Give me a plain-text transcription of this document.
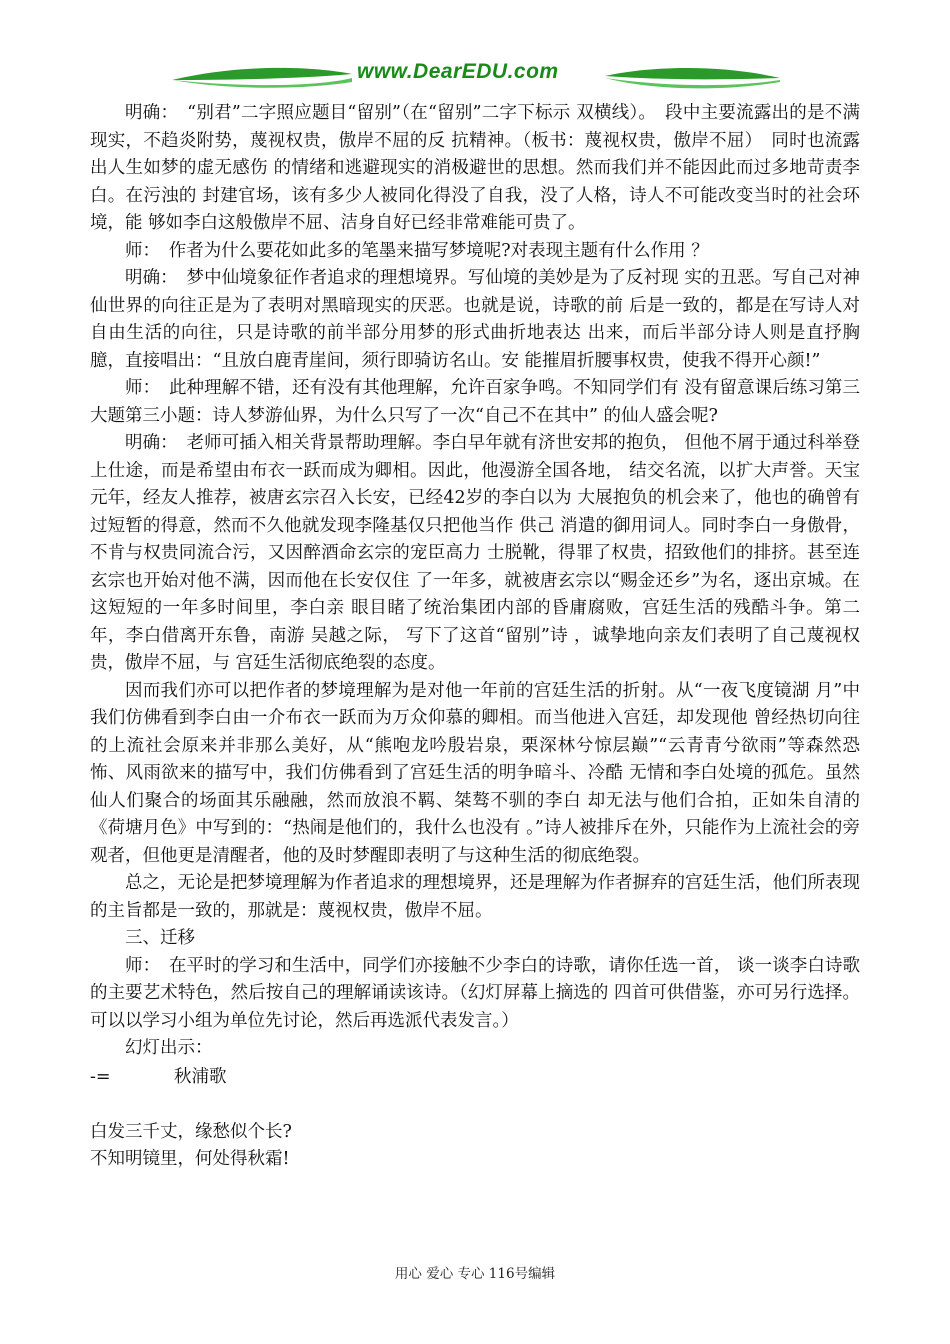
www.DearEDU.com

明确：　“别君”二字照应题目“留别”（在“留别”二字下标示 双横线）。　段中主要流露出的是不满现实，不趋炎附势，蔑视权贵，傲岸不屈的反 抗精神。（板书：蔑视权贵，傲岸不屈）　同时也流露出人生如梦的虚无感伤 的情绪和逃避现实的消极避世的思想。然而我们并不能因此而过多地苛责李白。在污浊的 封建官场，该有多少人被同化得没了自我，没了人格，诗人不可能改变当时的社会环境，能 够如李白这般傲岸不屈、洁身自好已经非常难能可贵了。

师：　作者为什么要花如此多的笔墨来描写梦境呢?对表现主题有什么作用 ？

明确：　梦中仙境象征作者追求的理想境界。写仙境的美妙是为了反衬现 实的丑恶。写自己对神仙世界的向往正是为了表明对黑暗现实的厌恶。也就是说，诗歌的前 后是一致的，都是在写诗人对自由生活的向往，只是诗歌的前半部分用梦的形式曲折地表达 出来，而后半部分诗人则是直抒胸臆，直接唱出：“且放白鹿青崖间，须行即骑访名山。安 能摧眉折腰事权贵，使我不得开心颜!”

师：　此种理解不错，还有没有其他理解，允许百家争鸣。不知同学们有 没有留意课后练习第三大题第三小题：诗人梦游仙界，为什么只写了一次“自己不在其中” 的仙人盛会呢?

明确：　老师可插入相关背景帮助理解。李白早年就有济世安邦的抱负， 但他不屑于通过科举登上仕途，而是希望由布衣一跃而成为卿相。因此，他漫游全国各地， 结交名流，以扩大声誉。天宝元年，经友人推荐，被唐玄宗召入长安，已经42岁的李白以为 大展抱负的机会来了，他也的确曾有过短暂的得意，然而不久他就发现李隆基仅只把他当作 供己 消遣的御用词人。同时李白一身傲骨，不肯与权贵同流合污，又因醉酒命玄宗的宠臣高力 士脱靴，得罪了权贵，招致他们的排挤。甚至连玄宗也开始对他不满，因而他在长安仅住 了一年多，就被唐玄宗以“赐金还乡”为名，逐出京城。在这短短的一年多时间里，李白亲 眼目睹了统治集团内部的昏庸腐败，宫廷生活的残酷斗争。第二年，李白借离开东鲁，南游 吴越之际， 写下了这首“留别”诗 ，诚挚地向亲友们表明了自己蔑视权贵，傲岸不屈，与 宫廷生活彻底绝裂的态度。

因而我们亦可以把作者的梦境理解为是对他一年前的宫廷生活的折射。从“一夜飞度镜湖 月”中我们仿佛看到李白由一介布衣一跃而为万众仰慕的卿相。而当他进入宫廷，却发现他 曾经热切向往的上流社会原来并非那么美好，从“熊咆龙吟殷岩泉，栗深林兮惊层巅”“云青青兮欲雨”等森然恐怖、风雨欲来的描写中，我们仿佛看到了宫廷生活的明争暗斗、冷酷 无情和李白处境的孤危。虽然仙人们聚合的场面其乐融融，然而放浪不羁、桀骜不驯的李白 却无法与他们合拍，正如朱自清的《荷塘月色》中写到的：“热闹是他们的，我什么也没有 。”诗人被排斥在外，只能作为上流社会的旁观者，但他更是清醒者，他的及时梦醒即表明了与这种生活的彻底绝裂。

总之，无论是把梦境理解为作者追求的理想境界，还是理解为作者摒弃的宫廷生活，他们所表现的主旨都是一致的，那就是：蔑视权贵，傲岸不屈。

三、迁移

师：　在平时的学习和生活中，同学们亦接触不少李白的诗歌，请你任选一首， 谈一谈李白诗歌的主要艺术特色，然后按自己的理解诵读该诗。（幻灯屏幕上摘选的 四首可供借鉴，亦可另行选择。可以以学习小组为单位先讨论，然后再选派代表发言。）

幻灯出示：

-=	秋浦歌

白发三千丈，缘愁似个长?

不知明镜里，何处得秋霜!

用心 爱心 专心 116号编辑
